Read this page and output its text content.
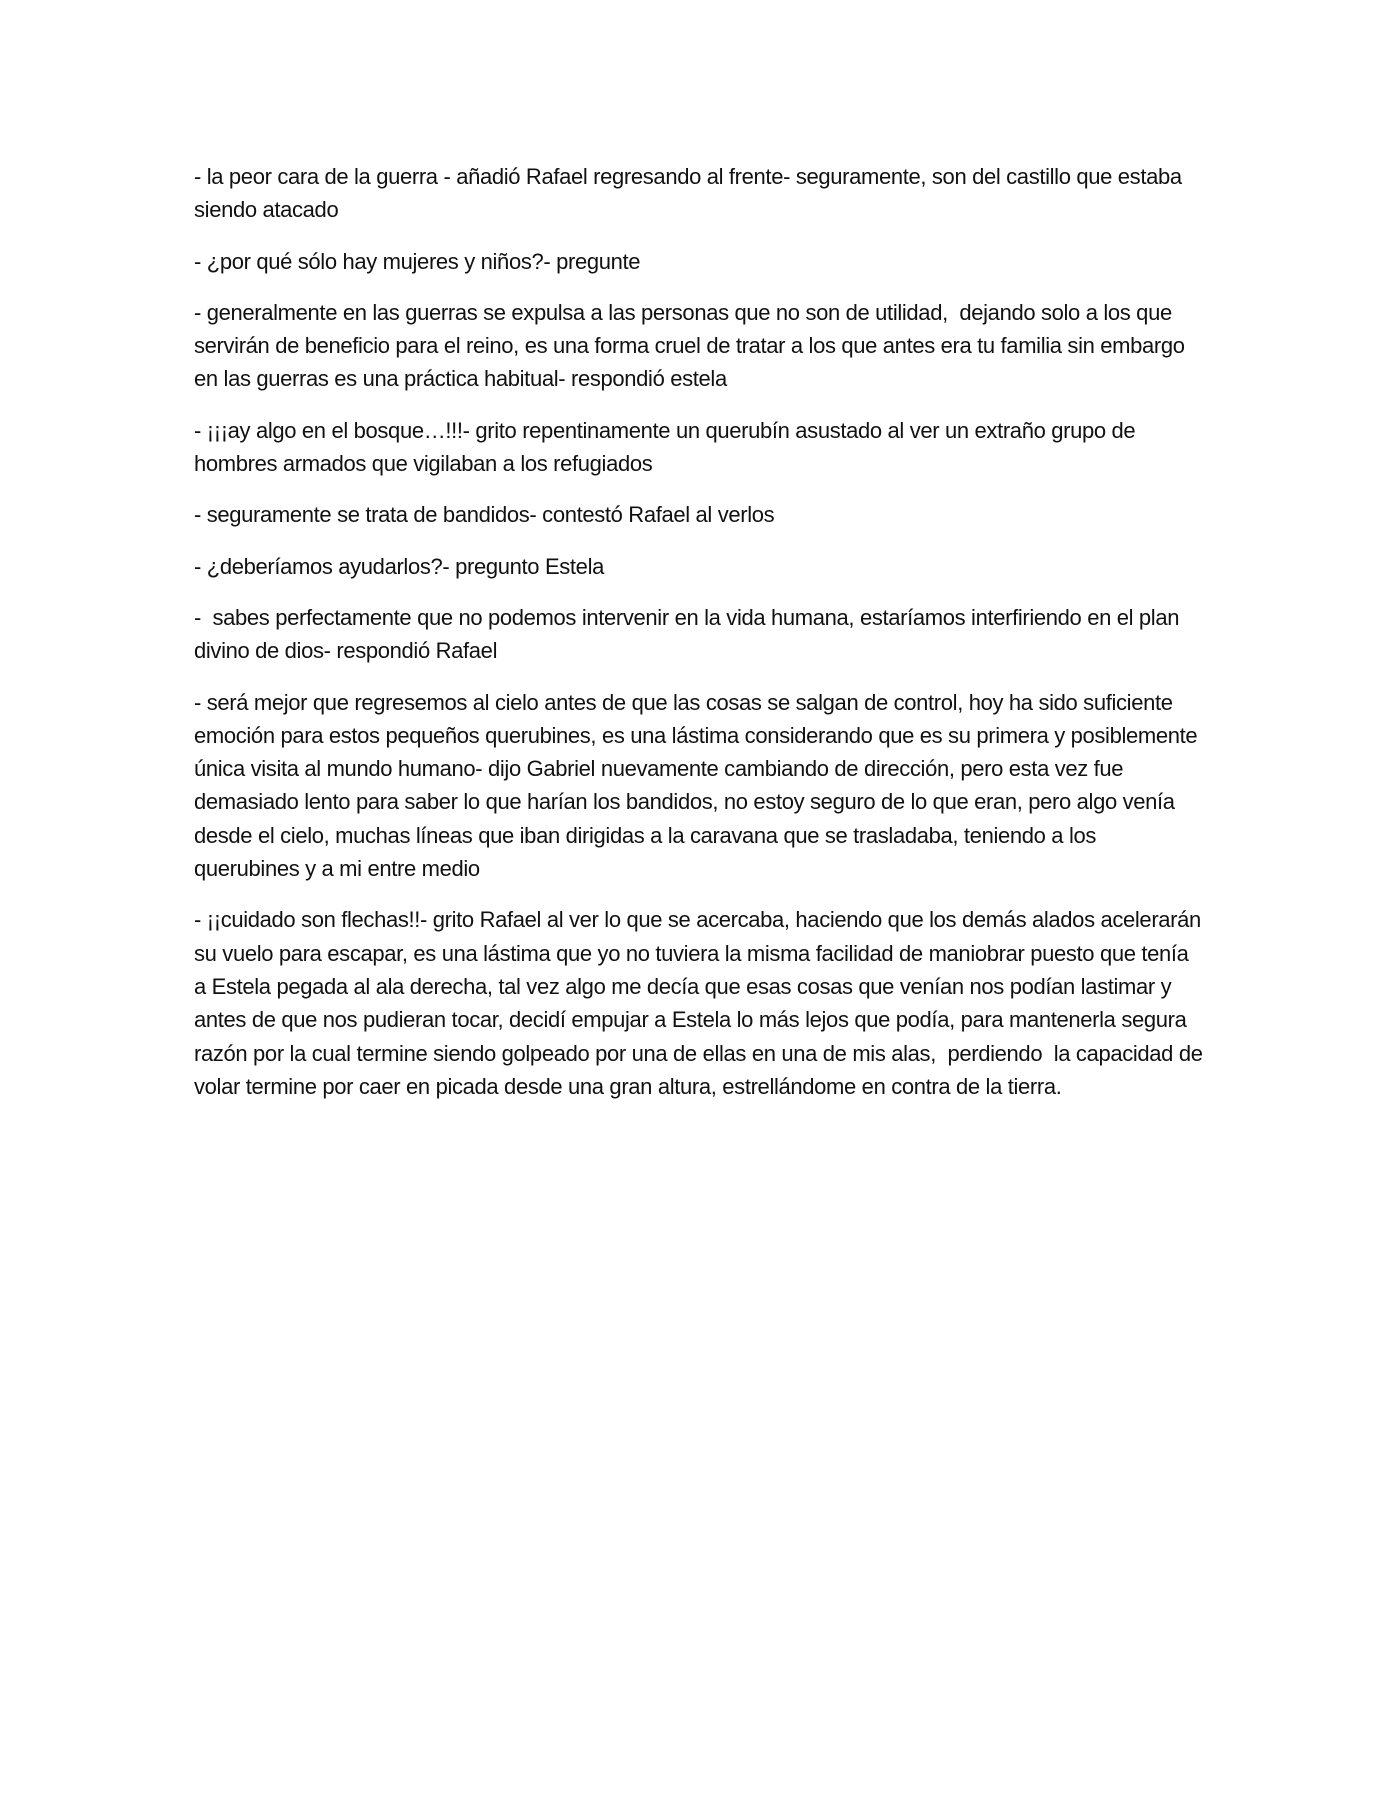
- la peor cara de la guerra - añadió Rafael regresando al frente- seguramente, son del castillo que estaba siendo atacado

- ¿por qué sólo hay mujeres y niños?- pregunte

- generalmente en las guerras se expulsa a las personas que no son de utilidad,  dejando solo a los que servirán de beneficio para el reino, es una forma cruel de tratar a los que antes era tu familia sin embargo en las guerras es una práctica habitual- respondió estela

- ¡¡¡ay algo en el bosque…!!!- grito repentinamente un querubín asustado al ver un extraño grupo de hombres armados que vigilaban a los refugiados

- seguramente se trata de bandidos- contestó Rafael al verlos

- ¿deberíamos ayudarlos?- pregunto Estela

-  sabes perfectamente que no podemos intervenir en la vida humana, estaríamos interfiriendo en el plan divino de dios- respondió Rafael

- será mejor que regresemos al cielo antes de que las cosas se salgan de control, hoy ha sido suficiente emoción para estos pequeños querubines, es una lástima considerando que es su primera y posiblemente única visita al mundo humano- dijo Gabriel nuevamente cambiando de dirección, pero esta vez fue demasiado lento para saber lo que harían los bandidos, no estoy seguro de lo que eran, pero algo venía desde el cielo, muchas líneas que iban dirigidas a la caravana que se trasladaba, teniendo a los querubines y a mi entre medio

- ¡¡cuidado son flechas!!- grito Rafael al ver lo que se acercaba, haciendo que los demás alados acelerarán su vuelo para escapar, es una lástima que yo no tuviera la misma facilidad de maniobrar puesto que tenía a Estela pegada al ala derecha, tal vez algo me decía que esas cosas que venían nos podían lastimar y antes de que nos pudieran tocar, decidí empujar a Estela lo más lejos que podía, para mantenerla segura razón por la cual termine siendo golpeado por una de ellas en una de mis alas,  perdiendo  la capacidad de volar termine por caer en picada desde una gran altura, estrellándome en contra de la tierra.
